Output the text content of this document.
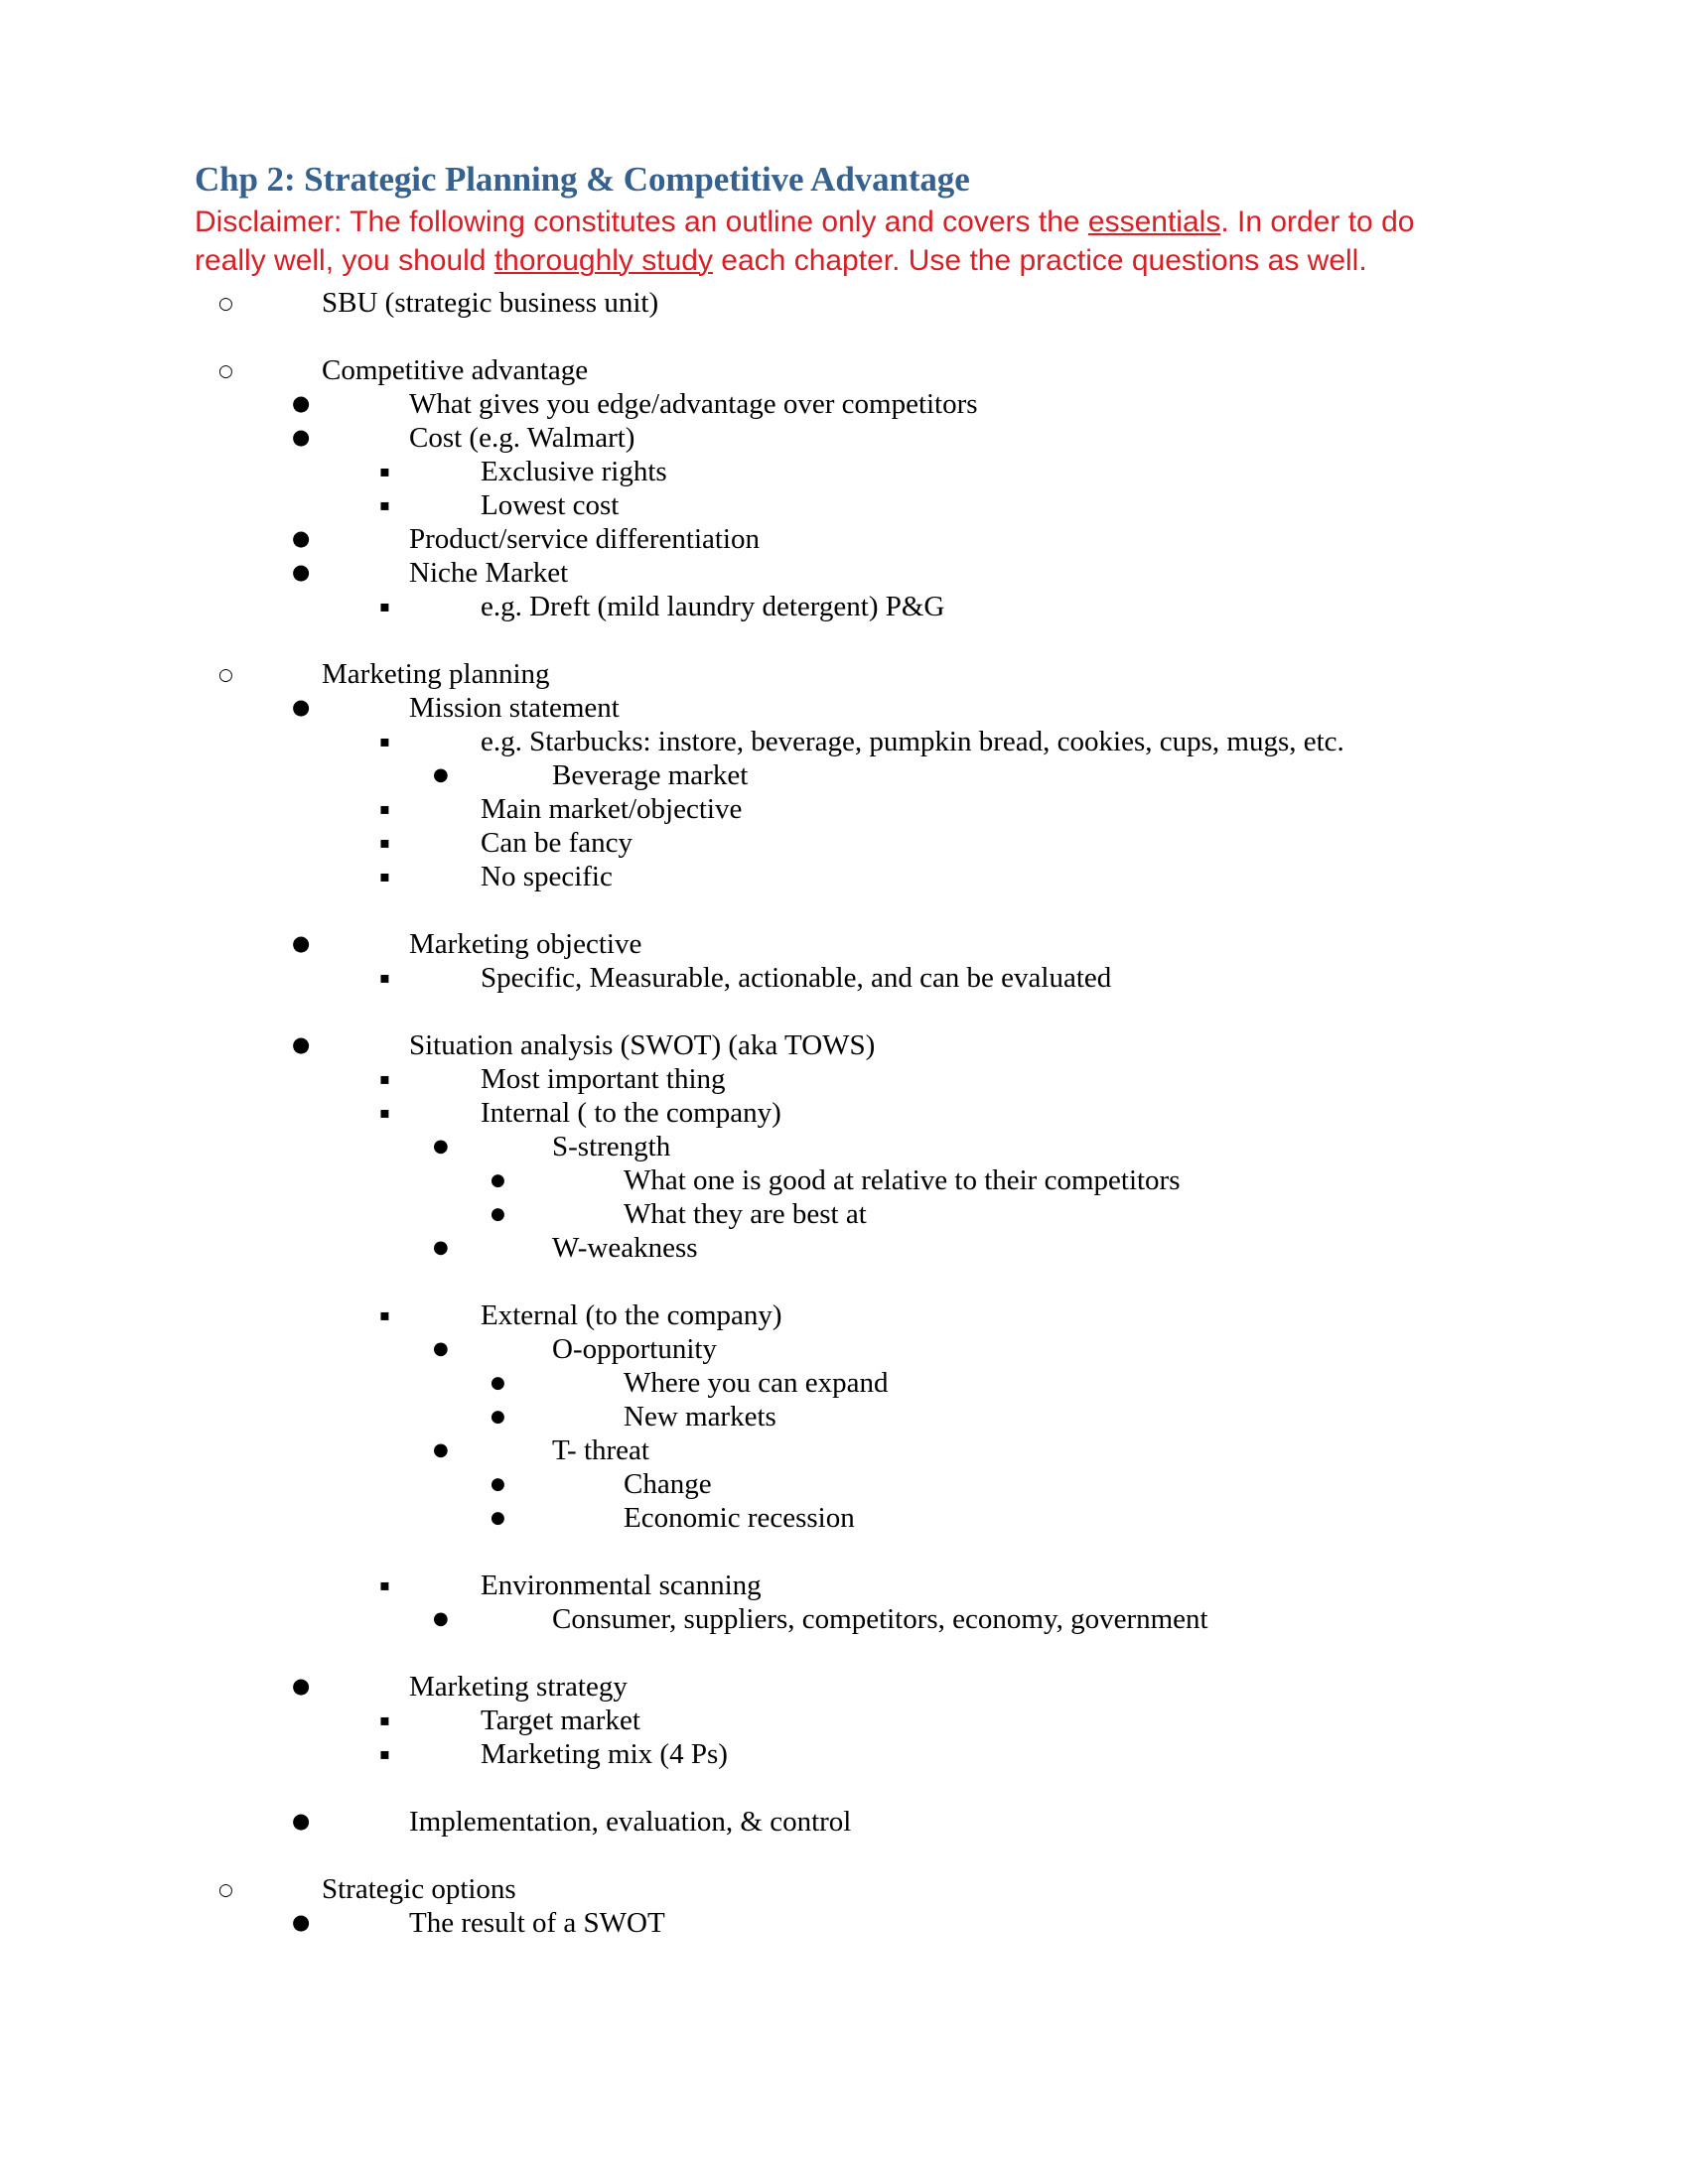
Chp 2: Strategic Planning & Competitive Advantage

Disclaimer: The following constitutes an outline only and covers the essentials. In order to do really well, you should thoroughly study each chapter. Use the practice questions as well.

○	SBU (strategic business unit)
○	Competitive advantage
●	What gives you edge/advantage over competitors
●	Cost (e.g. Walmart)
▪	Exclusive rights
▪	Lowest cost
●	Product/service differentiation
●	Niche Market
▪	e.g. Dreft (mild laundry detergent) P&G
○	Marketing planning
●	Mission statement
▪	e.g. Starbucks: instore, beverage, pumpkin bread, cookies, cups, mugs, etc.
●	Beverage market
▪	Main market/objective
▪	Can be fancy
▪	No specific
●	Marketing objective
▪	Specific, Measurable, actionable, and can be evaluated
●	Situation analysis (SWOT) (aka TOWS)
▪	Most important thing
▪	Internal ( to the company)
●	S-strength
●	What one is good at relative to their competitors
●	What they are best at
●	W-weakness
▪	External (to the company)
●	O-opportunity
●	Where you can expand
●	New markets
●	T- threat
●	Change
●	Economic recession
▪	Environmental scanning
●	Consumer, suppliers, competitors, economy, government
●	Marketing strategy
▪	Target market
▪	Marketing mix (4 Ps)
●	Implementation, evaluation, & control
○	Strategic options
●	The result of a SWOT
